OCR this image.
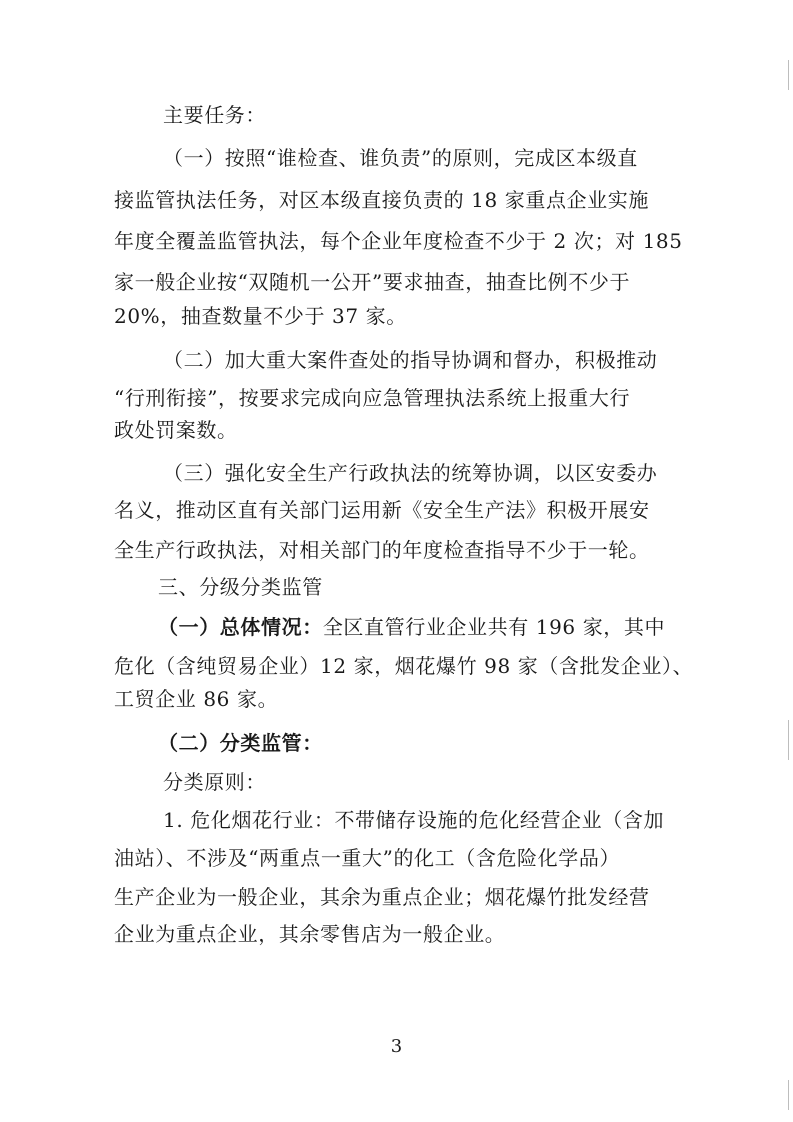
主要任务：
（一）按照“谁检查、谁负责”的原则，完成区本级直
接监管执法任务，对区本级直接负责的 18 家重点企业实施
年度全覆盖监管执法，每个企业年度检查不少于 2 次；对 185
家一般企业按“双随机一公开”要求抽查，抽查比例不少于
20%，抽查数量不少于 37 家。
（二）加大重大案件查处的指导协调和督办，积极推动
“行刑衔接”，按要求完成向应急管理执法系统上报重大行
政处罚案数。
（三）强化安全生产行政执法的统筹协调，以区安委办
名义，推动区直有关部门运用新《安全生产法》积极开展安
全生产行政执法，对相关部门的年度检查指导不少于一轮。
三、分级分类监管
（一）总体情况：全区直管行业企业共有 196 家，其中
危化（含纯贸易企业）12 家，烟花爆竹 98 家（含批发企业）、
工贸企业 86 家。
（二）分类监管：
分类原则：
1. 危化烟花行业：不带储存设施的危化经营企业（含加
油站）、不涉及“两重点一重大”的化工（含危险化学品）
生产企业为一般企业，其余为重点企业；烟花爆竹批发经营
企业为重点企业，其余零售店为一般企业。
3
